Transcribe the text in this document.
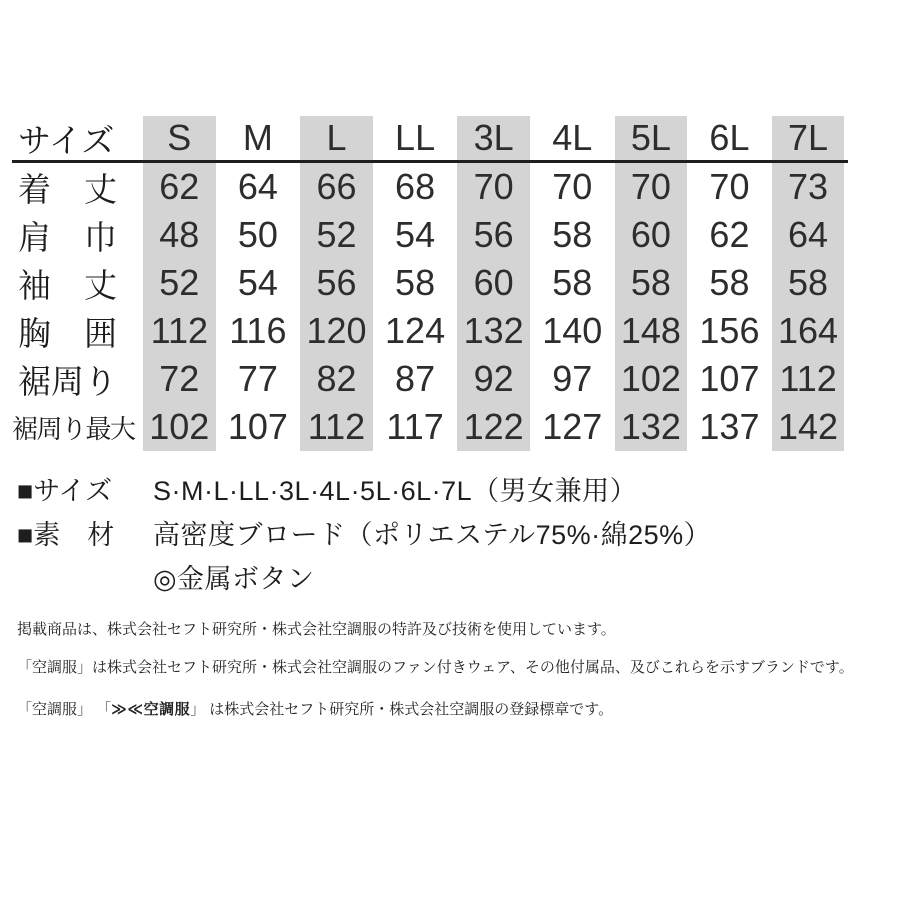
サイズ	S	M	L	LL	3L	4L	5L	6L	7L
着　丈	62	64	66	68	70	70	70	70	73
肩　巾	48	50	52	54	56	58	60	62	64
袖　丈	52	54	56	58	60	58	58	58	58
胸　囲 112 116 120 124 132 140 148 156 164
裾周り	72	77	82	87	92	97 102 107 112
裾周り最大 102 107 112 117 122 127 132 137 142
■サイズ	S·M·L·LL·3L·4L·5L·6L·7L（男女兼用）
■素　材	高密度ブロード（ポリエステル75%·綿25%）
◎金属ボタン

掲載商品は、株式会社セフト研究所・株式会社空調服の特許及び技術を使用しています。

「空調服」は株式会社セフト研究所・株式会社空調服のファン付きウェア、その他付属品、及びこれらを示すブランドです。

「空調服」 「≫≪空調服」 は株式会社セフト研究所・株式会社空調服の登録標章です。
